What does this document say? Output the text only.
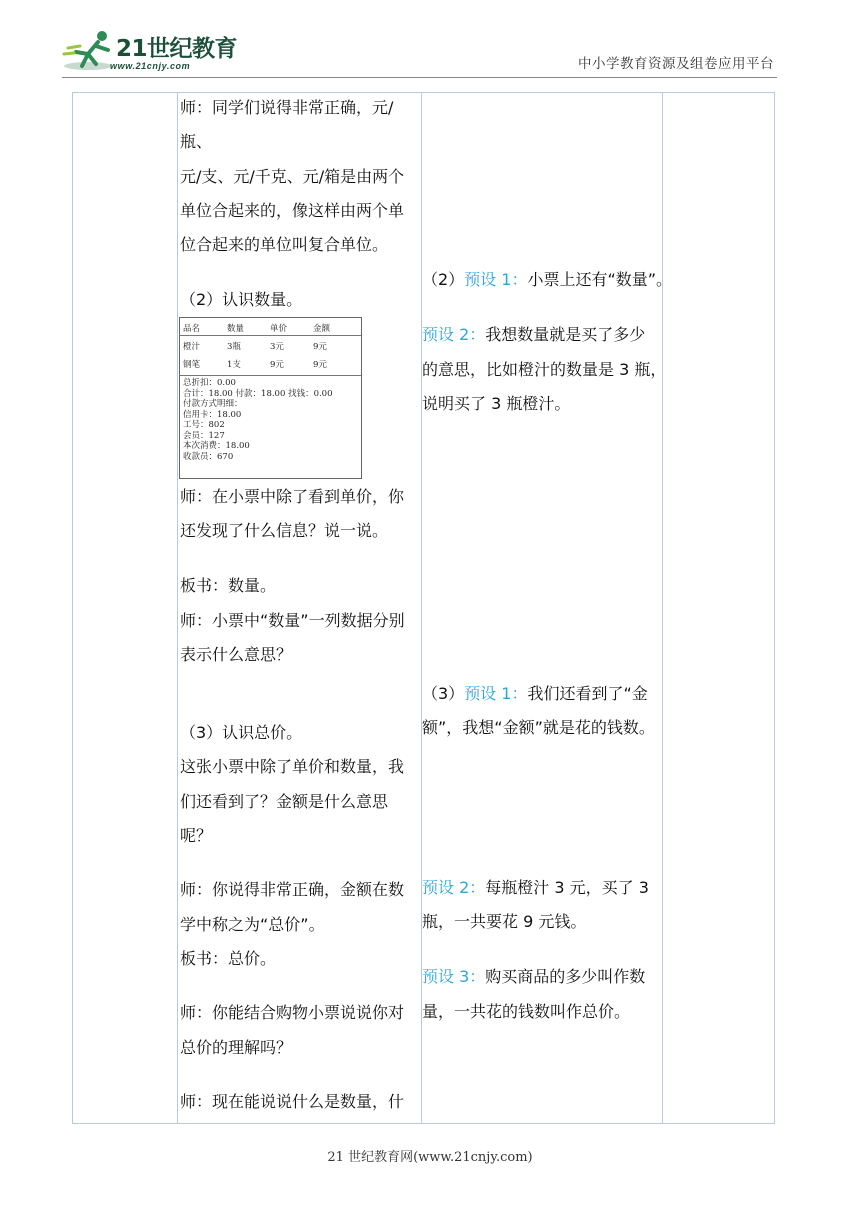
21世纪教育
www.21cnjy.com	中小学教育资源及组卷应用平台
师：同学们说得非常正确，元/
瓶、
元/支、元/千克、元/箱是由两个
单位合起来的，像这样由两个单
位合起来的单位叫复合单位。
（2）认识数量。
品名	数量	单价	金额
橙汁	3瓶	3元	9元
钢笔	1支	9元	9元
总折扣：0.00
合计：18.00 付款：18.00 找钱：0.00
付款方式明细：
信用卡：18.00
工号：802
会员：127
本次消费：18.00
收款员：670
师：在小票中除了看到单价，你
还发现了什么信息？说一说。
板书：数量。
师：小票中“数量”一列数据分别
表示什么意思？
（3）认识总价。
这张小票中除了单价和数量，我
们还看到了？金额是什么意思
呢？
师：你说得非常正确，金额在数
学中称之为“总价”。
板书：总价。
师：你能结合购物小票说说你对
总价的理解吗？
师：现在能说说什么是数量，什
（2）预设 1：小票上还有“数量”。
预设 2：我想数量就是买了多少
的意思，比如橙汁的数量是 3 瓶，
说明买了 3 瓶橙汁。
（3）预设 1：我们还看到了“金
额”，我想“金额”就是花的钱数。
预设 2：每瓶橙汁 3 元，买了 3
瓶，一共要花 9 元钱。
预设 3：购买商品的多少叫作数
量，一共花的钱数叫作总价。
21 世纪教育网(www.21cnjy.com)
